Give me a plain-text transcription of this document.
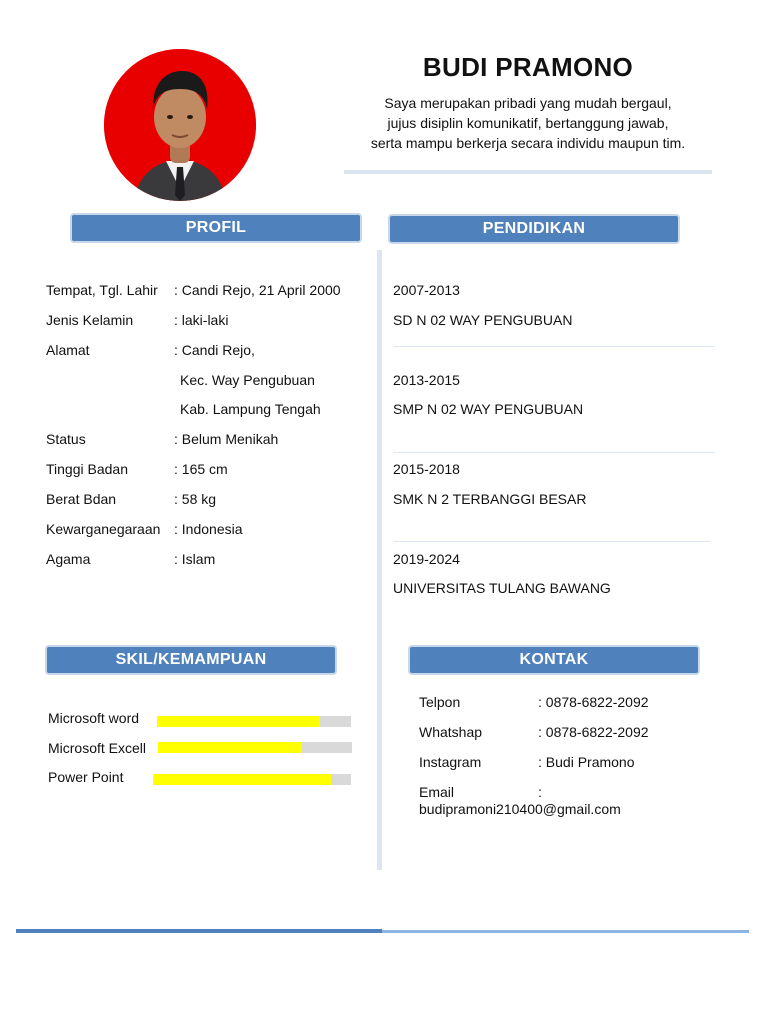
BUDI PRAMONO
Saya merupakan pribadi yang mudah bergaul,
jujus disiplin komunikatif, bertanggung jawab,
serta mampu berkerja secara individu maupun tim.
PROFIL	PENDIDIKAN
SKIL/KEMAMPUAN	KONTAK
Tempat, Tgl. Lahir : Candi Rejo, 21 April 2000
Jenis Kelamin	: laki-laki
Alamat	: Candi Rejo,
Kec. Way Pengubuan
Kab. Lampung Tengah
Status	: Belum Menikah
Tinggi Badan	: 165 cm
Berat Bdan	: 58 kg
Kewarganegaraan : Indonesia
Agama	: Islam
2007-2013
SD N 02 WAY PENGUBUAN
2013-2015
SMP N 02 WAY PENGUBUAN
2015-2018
SMK N 2 TERBANGGI BESAR
2019-2024
UNIVERSITAS TULANG BAWANG
Microsoft word
Microsoft Excell
Power Point
Telpon	: 0878-6822-2092
Whatshap	: 0878-6822-2092
Instagram	: Budi Pramono
Email	:
budipramoni210400@gmail.com
